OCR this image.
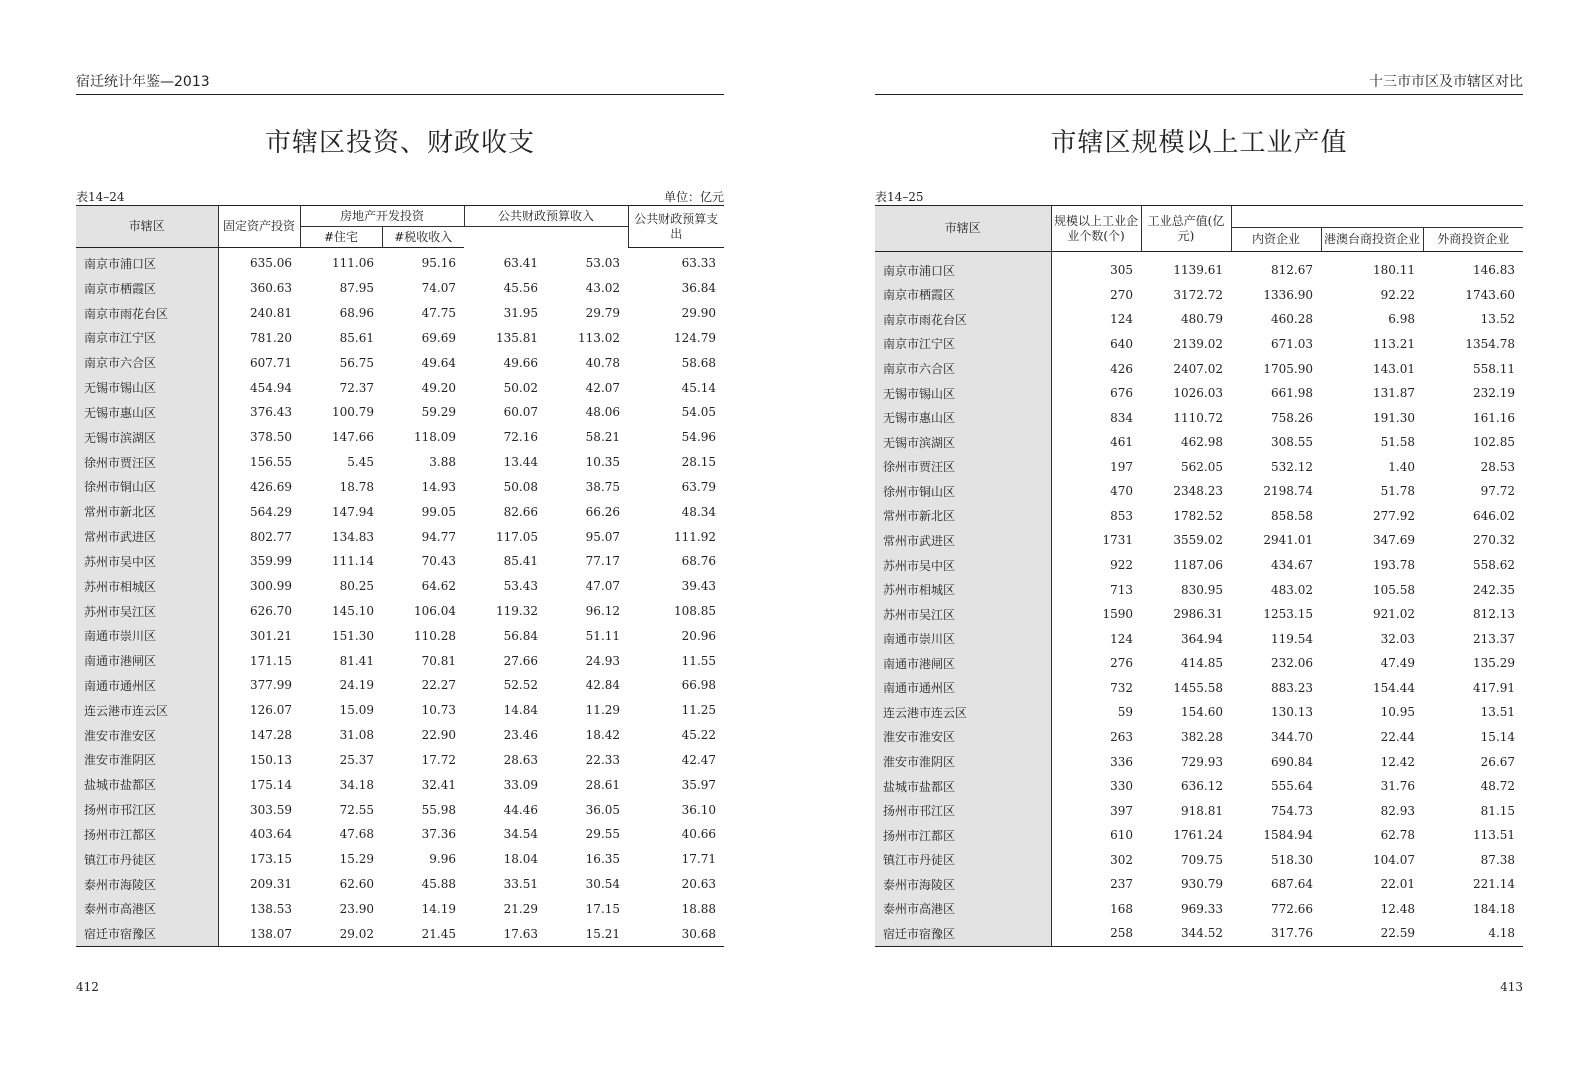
宿迁统计年鉴—2013
市辖区投资、财政收支
表14–24	单位：亿元
市辖区	固定资产投资	房地产开发投资		公共财政预算收入		公共财政预算支出
		#住宅	#税收收入			
南京市浦口区	635.06	111.06	95.16	63.41	53.03	63.33
南京市栖霞区	360.63	87.95	74.07	45.56	43.02	36.84
南京市雨花台区	240.81	68.96	47.75	31.95	29.79	29.90
南京市江宁区	781.20	85.61	69.69	135.81	113.02	124.79
南京市六合区	607.71	56.75	49.64	49.66	40.78	58.68
无锡市锡山区	454.94	72.37	49.20	50.02	42.07	45.14
无锡市惠山区	376.43	100.79	59.29	60.07	48.06	54.05
无锡市滨湖区	378.50	147.66	118.09	72.16	58.21	54.96
徐州市贾汪区	156.55	5.45	3.88	13.44	10.35	28.15
徐州市铜山区	426.69	18.78	14.93	50.08	38.75	63.79
常州市新北区	564.29	147.94	99.05	82.66	66.26	48.34
常州市武进区	802.77	134.83	94.77	117.05	95.07	111.92
苏州市吴中区	359.99	111.14	70.43	85.41	77.17	68.76
苏州市相城区	300.99	80.25	64.62	53.43	47.07	39.43
苏州市吴江区	626.70	145.10	106.04	119.32	96.12	108.85
南通市崇川区	301.21	151.30	110.28	56.84	51.11	20.96
南通市港闸区	171.15	81.41	70.81	27.66	24.93	11.55
南通市通州区	377.99	24.19	22.27	52.52	42.84	66.98
连云港市连云区	126.07	15.09	10.73	14.84	11.29	11.25
淮安市淮安区	147.28	31.08	22.90	23.46	18.42	45.22
淮安市淮阴区	150.13	25.37	17.72	28.63	22.33	42.47
盐城市盐都区	175.14	34.18	32.41	33.09	28.61	35.97
扬州市邗江区	303.59	72.55	55.98	44.46	36.05	36.10
扬州市江都区	403.64	47.68	37.36	34.54	29.55	40.66
镇江市丹徒区	173.15	15.29	9.96	18.04	16.35	17.71
泰州市海陵区	209.31	62.60	45.88	33.51	30.54	20.63
泰州市高港区	138.53	23.90	14.19	21.29	17.15	18.88
宿迁市宿豫区	138.07	29.02	21.45	17.63	15.21	30.68
412
十三市市区及市辖区对比
市辖区规模以上工业产值
表14–25
市辖区	规模以上工业企业个数(个)	工业总产值(亿元)			
			内资企业	港澳台商投资企业	外商投资企业
南京市浦口区	305	1139.61	812.67	180.11	146.83
南京市栖霞区	270	3172.72	1336.90	92.22	1743.60
南京市雨花台区	124	480.79	460.28	6.98	13.52
南京市江宁区	640	2139.02	671.03	113.21	1354.78
南京市六合区	426	2407.02	1705.90	143.01	558.11
无锡市锡山区	676	1026.03	661.98	131.87	232.19
无锡市惠山区	834	1110.72	758.26	191.30	161.16
无锡市滨湖区	461	462.98	308.55	51.58	102.85
徐州市贾汪区	197	562.05	532.12	1.40	28.53
徐州市铜山区	470	2348.23	2198.74	51.78	97.72
常州市新北区	853	1782.52	858.58	277.92	646.02
常州市武进区	1731	3559.02	2941.01	347.69	270.32
苏州市吴中区	922	1187.06	434.67	193.78	558.62
苏州市相城区	713	830.95	483.02	105.58	242.35
苏州市吴江区	1590	2986.31	1253.15	921.02	812.13
南通市崇川区	124	364.94	119.54	32.03	213.37
南通市港闸区	276	414.85	232.06	47.49	135.29
南通市通州区	732	1455.58	883.23	154.44	417.91
连云港市连云区	59	154.60	130.13	10.95	13.51
淮安市淮安区	263	382.28	344.70	22.44	15.14
淮安市淮阴区	336	729.93	690.84	12.42	26.67
盐城市盐都区	330	636.12	555.64	31.76	48.72
扬州市邗江区	397	918.81	754.73	82.93	81.15
扬州市江都区	610	1761.24	1584.94	62.78	113.51
镇江市丹徒区	302	709.75	518.30	104.07	87.38
泰州市海陵区	237	930.79	687.64	22.01	221.14
泰州市高港区	168	969.33	772.66	12.48	184.18
宿迁市宿豫区	258	344.52	317.76	22.59	4.18
413
